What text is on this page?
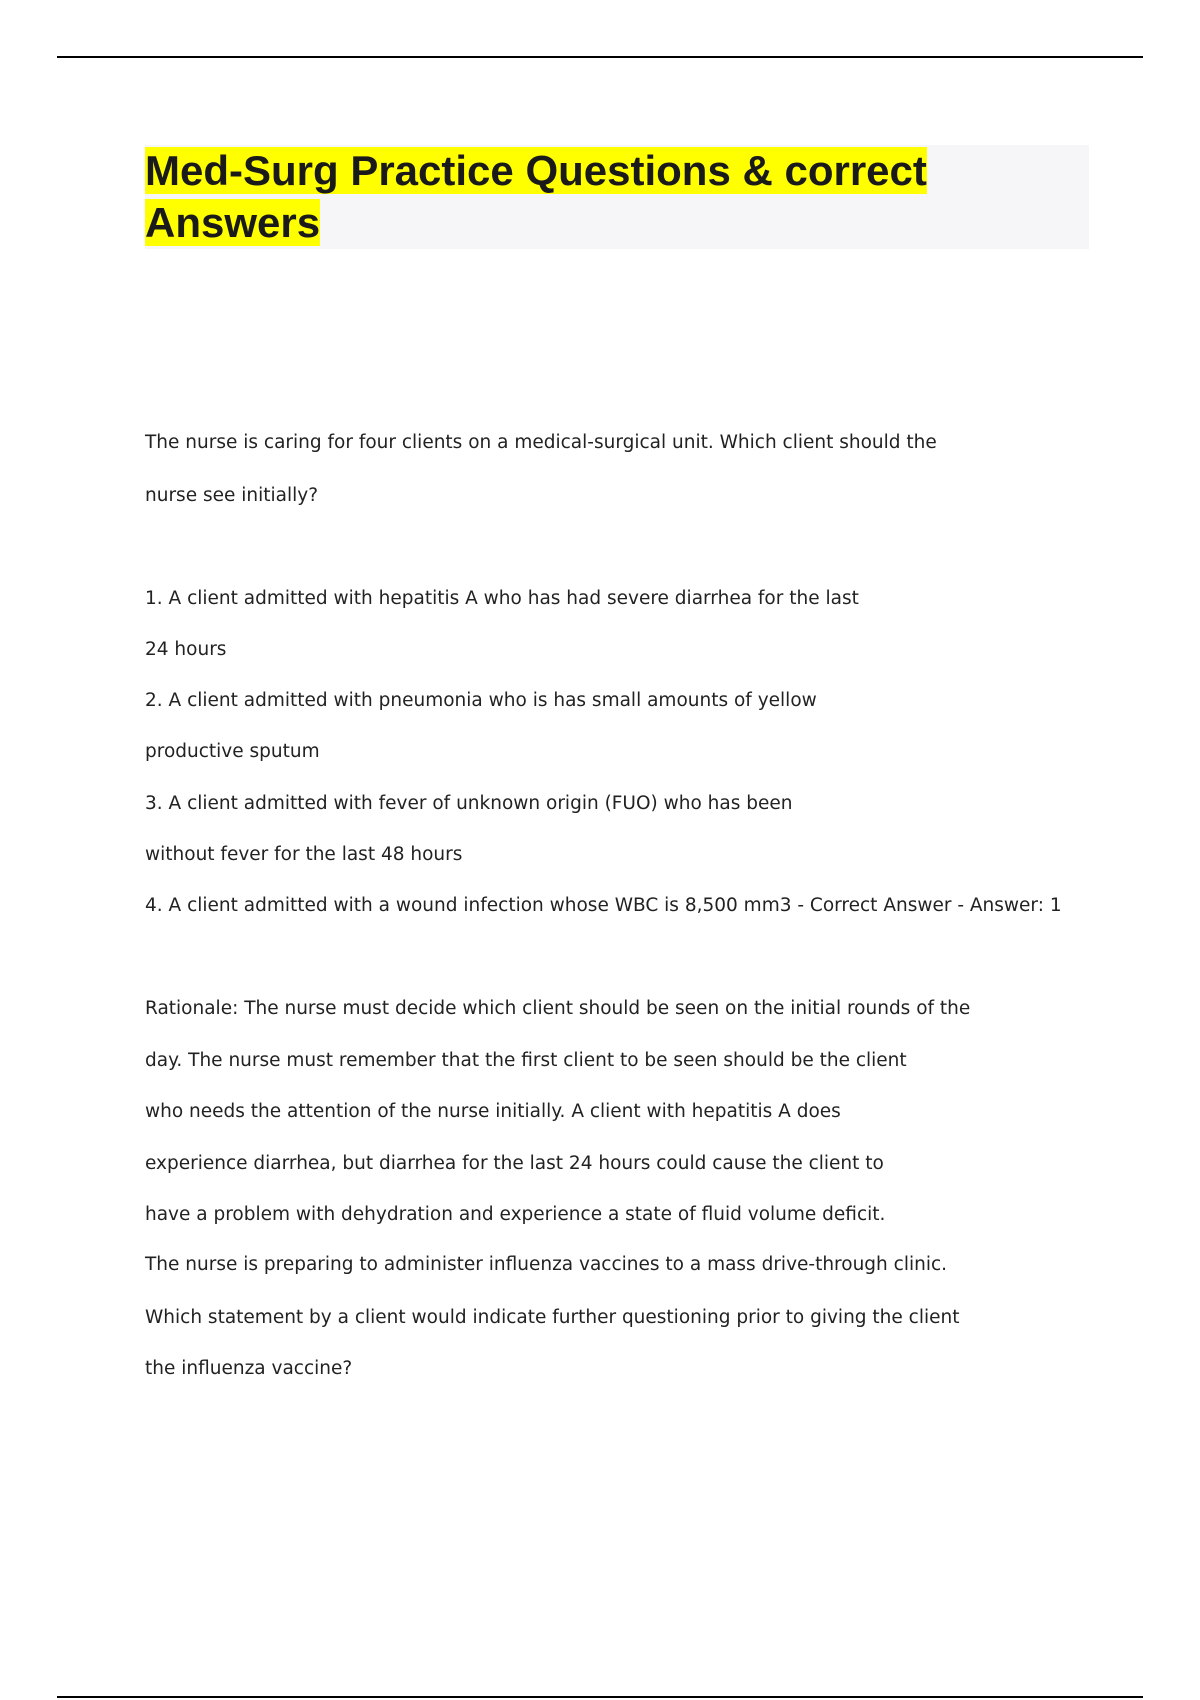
Med-Surg Practice Questions & correct
Answers

The nurse is caring for four clients on a medical-surgical unit. Which client should the

nurse see initially?

1. A client admitted with hepatitis A who has had severe diarrhea for the last

24 hours

2. A client admitted with pneumonia who is has small amounts of yellow

productive sputum

3. A client admitted with fever of unknown origin (FUO) who has been

without fever for the last 48 hours

4. A client admitted with a wound infection whose WBC is 8,500 mm3 - Correct Answer - Answer: 1

Rationale: The nurse must decide which client should be seen on the initial rounds of the

day. The nurse must remember that the first client to be seen should be the client

who needs the attention of the nurse initially. A client with hepatitis A does

experience diarrhea, but diarrhea for the last 24 hours could cause the client to

have a problem with dehydration and experience a state of fluid volume deficit.

The nurse is preparing to administer influenza vaccines to a mass drive-through clinic.

Which statement by a client would indicate further questioning prior to giving the client

the influenza vaccine?
